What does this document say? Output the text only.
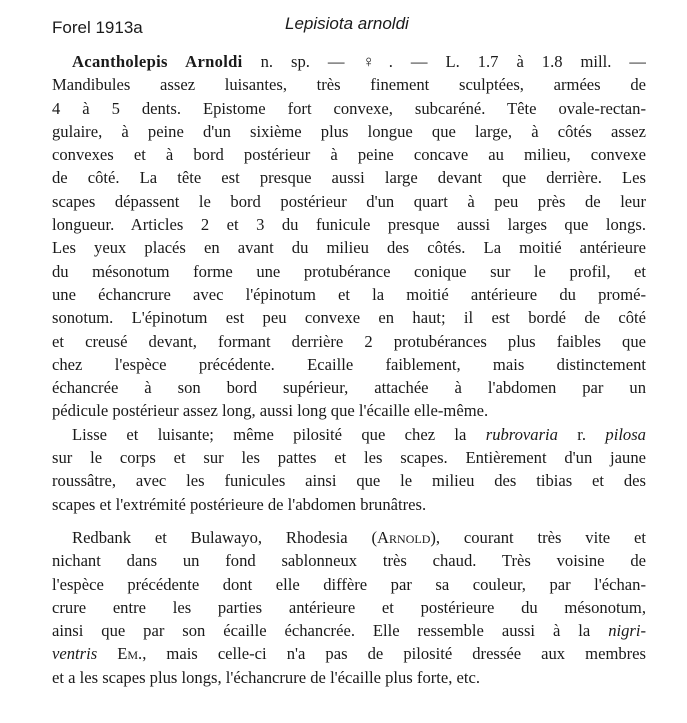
Forel 1913a	Lepisiota arnoldi
Acantholepis Arnoldi n. sp. — ♀. — L. 1.7 à 1.8 mill. —
Mandibules assez luisantes, très finement sculptées, armées de
4 à 5 dents. Epistome fort convexe, subcaréné. Tête ovale-rectan-
gulaire, à peine d'un sixième plus longue que large, à côtés assez
convexes et à bord postérieur à peine concave au milieu, convexe
de côté. La tête est presque aussi large devant que derrière. Les
scapes dépassent le bord postérieur d'un quart à peu près de leur
longueur. Articles 2 et 3 du funicule presque aussi larges que longs.
Les yeux placés en avant du milieu des côtés. La moitié antérieure
du mésonotum forme une protubérance conique sur le profil, et
une échancrure avec l'épinotum et la moitié antérieure du promé-
sonotum. L'épinotum est peu convexe en haut; il est bordé de côté
et creusé devant, formant derrière 2 protubérances plus faibles que
chez l'espèce précédente. Ecaille faiblement, mais distinctement
échancrée à son bord supérieur, attachée à l'abdomen par un
pédicule postérieur assez long, aussi long que l'écaille elle-même.
Lisse et luisante; même pilosité que chez la rubrovaria r. pilosa
sur le corps et sur les pattes et les scapes. Entièrement d'un jaune
roussâtre, avec les funicules ainsi que le milieu des tibias et des
scapes et l'extrémité postérieure de l'abdomen brunâtres.
Redbank et Bulawayo, Rhodesia (Arnold), courant très vite et
nichant dans un fond sablonneux très chaud. Très voisine de
l'espèce précédente dont elle diffère par sa couleur, par l'échan-
crure entre les parties antérieure et postérieure du mésonotum,
ainsi que par son écaille échancrée. Elle ressemble aussi à la nigri-
ventris Em., mais celle-ci n'a pas de pilosité dressée aux membres
et a les scapes plus longs, l'échancrure de l'écaille plus forte, etc.
